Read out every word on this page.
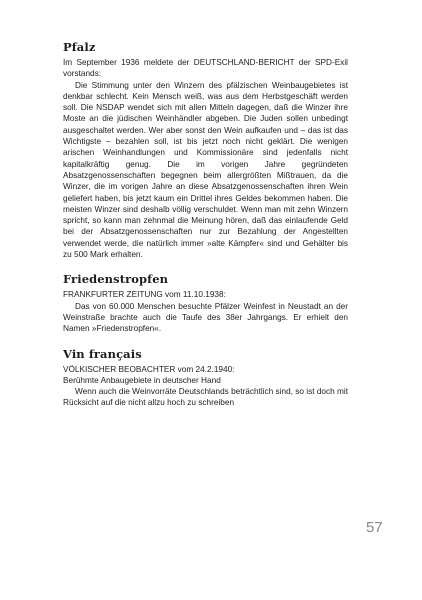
Pfalz

Im September 1936 meldete der DEUTSCHLAND-BERICHT der SPD-Exil vorstands:

Die Stimmung unter den Winzern des pfälzischen Weinbaugebietes ist denkbar schlecht. Kein Mensch weiß, was aus dem Herbstgeschäft werden soll. Die NSDAP wendet sich mit allen Mitteln dagegen, daß die Winzer ihre Moste an die jüdischen Weinhändler abgeben. Die Juden sollen unbedingt ausgeschaltet werden. Wer aber sonst den Wein aufkaufen und – das ist das Wichtigste – bezahlen soll, ist bis jetzt noch nicht geklärt. Die wenigen arischen Weinhandlungen und Kommissionäre sind jedenfalls nicht kapitalkräftig genug. Die im vorigen Jahre gegründeten Absatzgenossenschaften begegnen beim allergrößten Mißtrauen, da die Winzer, die im vorigen Jahre an diese Absatzgenossenschaften ihren Wein geliefert haben, bis jetzt kaum ein Drittel ihres Geldes bekommen haben. Die meisten Winzer sind deshalb völlig verschuldet. Wenn man mit zehn Winzern spricht, so kann man zehnmal die Meinung hören, daß das einlaufende Geld bei der Absatzgenossenschaften nur zur Bezahlung der Angestellten verwendet werde, die natürlich immer »alte Kämpfer« sind und Gehälter bis zu 500 Mark erhalten.

Friedenstropfen

FRANKFURTER ZEITUNG vom 11.10.1938:

Das von 60.000 Menschen besuchte Pfälzer Weinfest in Neustadt an der Weinstraße brachte auch die Taufe des 38er Jahrgangs. Er erhielt den Namen »Friedenstropfen«.

Vin français

VÖLKISCHER BEOBACHTER vom 24.2.1940:

Berühmte Anbaugebiete in deutscher Hand

Wenn auch die Weinvorräte Deutschlands beträchtlich sind, so ist doch mit Rücksicht auf die nicht allzu hoch zu schreiben

57
